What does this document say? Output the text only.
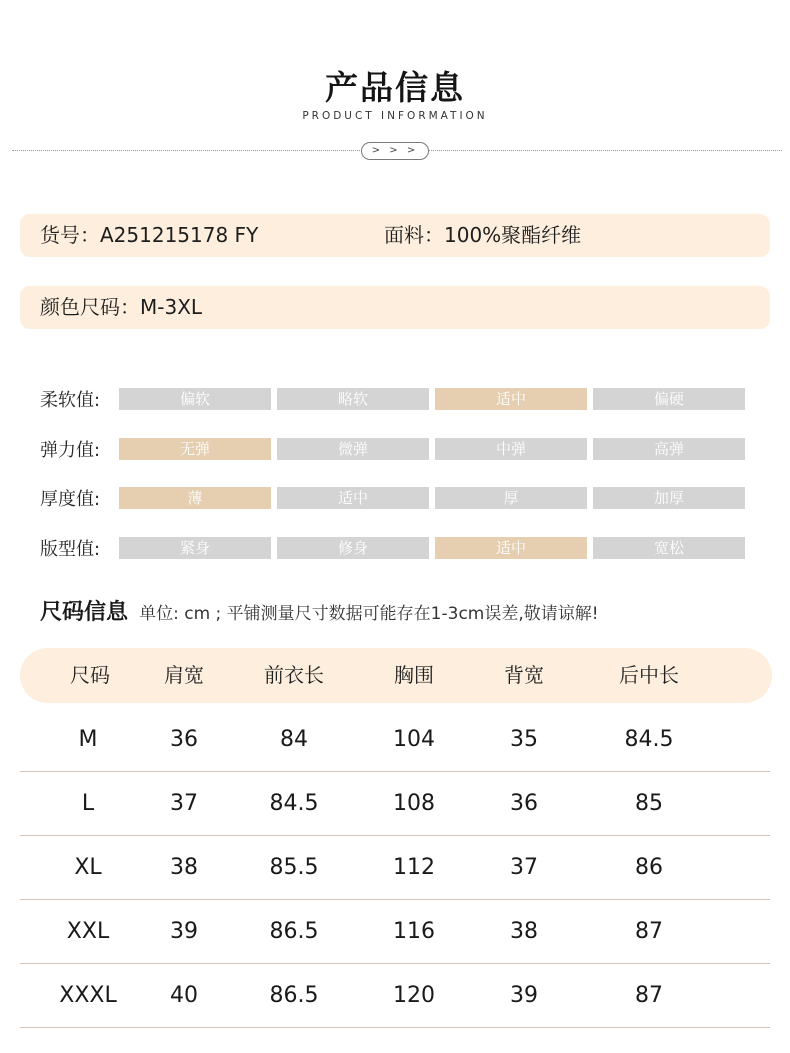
产品信息
PRODUCT INFORMATION
> > >
货号：A251215178 FY	面料：100%聚酯纤维
颜色尺码：M-3XL
柔软值:	偏软	略软	适中	偏硬
弹力值:	无弹	微弹	中弹	高弹
厚度值:	薄	适中	厚	加厚
版型值:	紧身	修身	适中	宽松
尺码信息 单位: cm ; 平铺测量尺寸数据可能存在1-3cm误差,敬请谅解!
尺码	肩宽	前衣长	胸围	背宽	后中长
M	36	84	104	35	84.5
L	37	84.5	108	36	85
XL	38	85.5	112	37	86
XXL	39	86.5	116	38	87
XXXL	40	86.5	120	39	87
